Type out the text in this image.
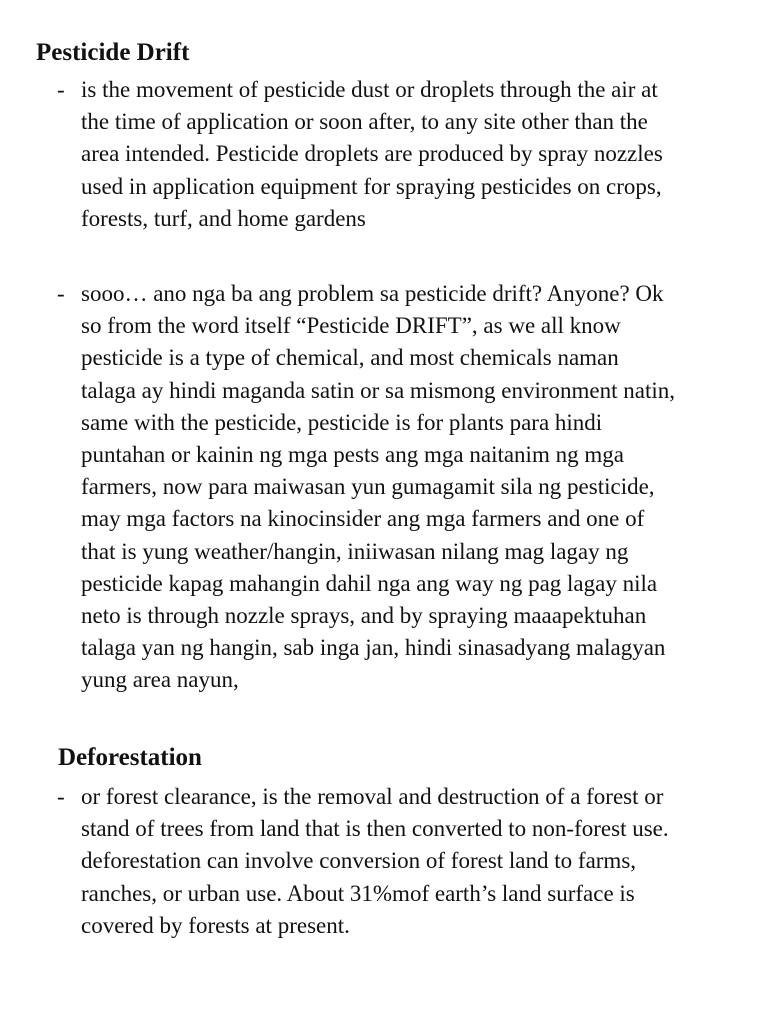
Pesticide Drift
- is the movement of pesticide dust or droplets through the air at
the time of application or soon after, to any site other than the
area intended. Pesticide droplets are produced by spray nozzles
used in application equipment for spraying pesticides on crops,
forests, turf, and home gardens
- sooo… ano nga ba ang problem sa pesticide drift? Anyone? Ok
so from the word itself “Pesticide DRIFT”, as we all know
pesticide is a type of chemical, and most chemicals naman
talaga ay hindi maganda satin or sa mismong environment natin,
same with the pesticide, pesticide is for plants para hindi
puntahan or kainin ng mga pests ang mga naitanim ng mga
farmers, now para maiwasan yun gumagamit sila ng pesticide,
may mga factors na kinocinsider ang mga farmers and one of
that is yung weather/hangin, iniiwasan nilang mag lagay ng
pesticide kapag mahangin dahil nga ang way ng pag lagay nila
neto is through nozzle sprays, and by spraying maaapektuhan
talaga yan ng hangin, sab inga jan, hindi sinasadyang malagyan
yung area nayun,
Deforestation
- or forest clearance, is the removal and destruction of a forest or
stand of trees from land that is then converted to non-forest use.
deforestation can involve conversion of forest land to farms,
ranches, or urban use. About 31%mof earth’s land surface is
covered by forests at present.
